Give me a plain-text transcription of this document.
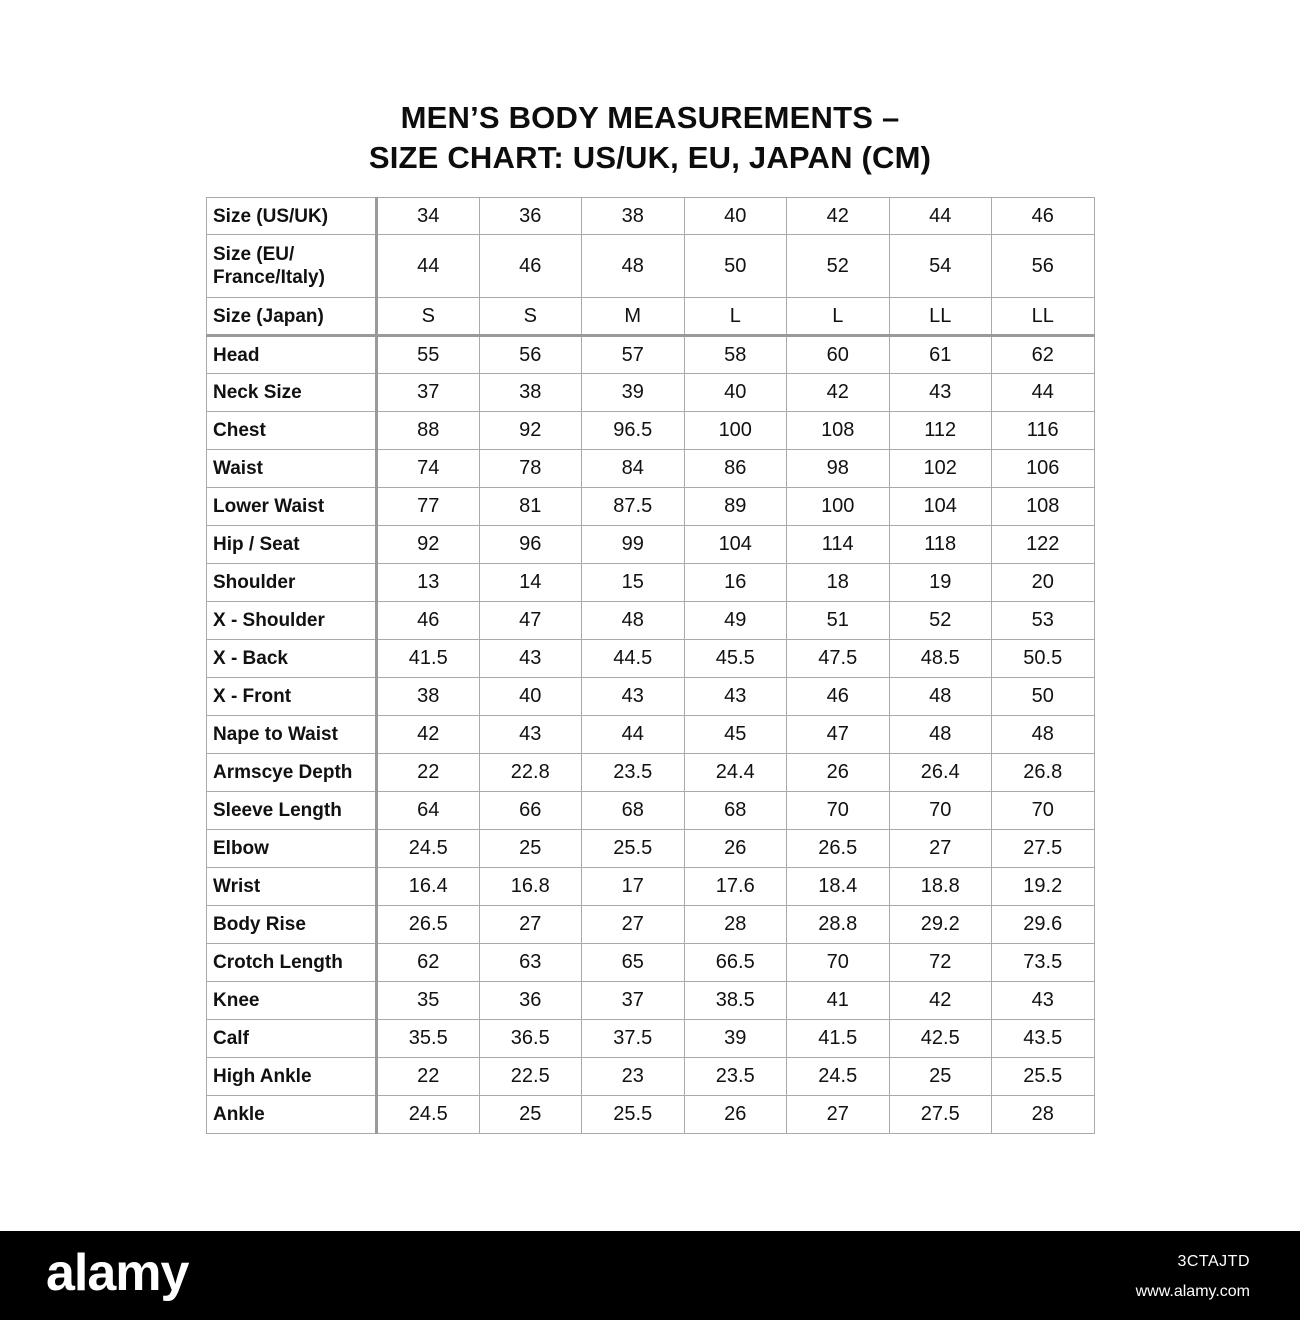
MEN’S BODY MEASUREMENTS –
SIZE CHART: US/UK, EU, JAPAN (CM)
Size (US/UK)	34	36	38	40	42	44	46
Size (EU/ France/Italy)	44	46	48	50	52	54	56
Size (Japan)	S	S	M	L	L	LL	LL
Head	55	56	57	58	60	61	62
Neck Size	37	38	39	40	42	43	44
Chest	88	92	96.5	100	108	112	116
Waist	74	78	84	86	98	102	106
Lower Waist	77	81	87.5	89	100	104	108
Hip / Seat	92	96	99	104	114	118	122
Shoulder	13	14	15	16	18	19	20
X - Shoulder	46	47	48	49	51	52	53
X - Back	41.5	43	44.5	45.5	47.5	48.5	50.5
X - Front	38	40	43	43	46	48	50
Nape to Waist	42	43	44	45	47	48	48
Armscye Depth	22	22.8	23.5	24.4	26	26.4	26.8
Sleeve Length	64	66	68	68	70	70	70
Elbow	24.5	25	25.5	26	26.5	27	27.5
Wrist	16.4	16.8	17	17.6	18.4	18.8	19.2
Body Rise	26.5	27	27	28	28.8	29.2	29.6
Crotch Length	62	63	65	66.5	70	72	73.5
Knee	35	36	37	38.5	41	42	43
Calf	35.5	36.5	37.5	39	41.5	42.5	43.5
High Ankle	22	22.5	23	23.5	24.5	25	25.5
Ankle	24.5	25	25.5	26	27	27.5	28
alamy	3CTAJTD
www.alamy.com
